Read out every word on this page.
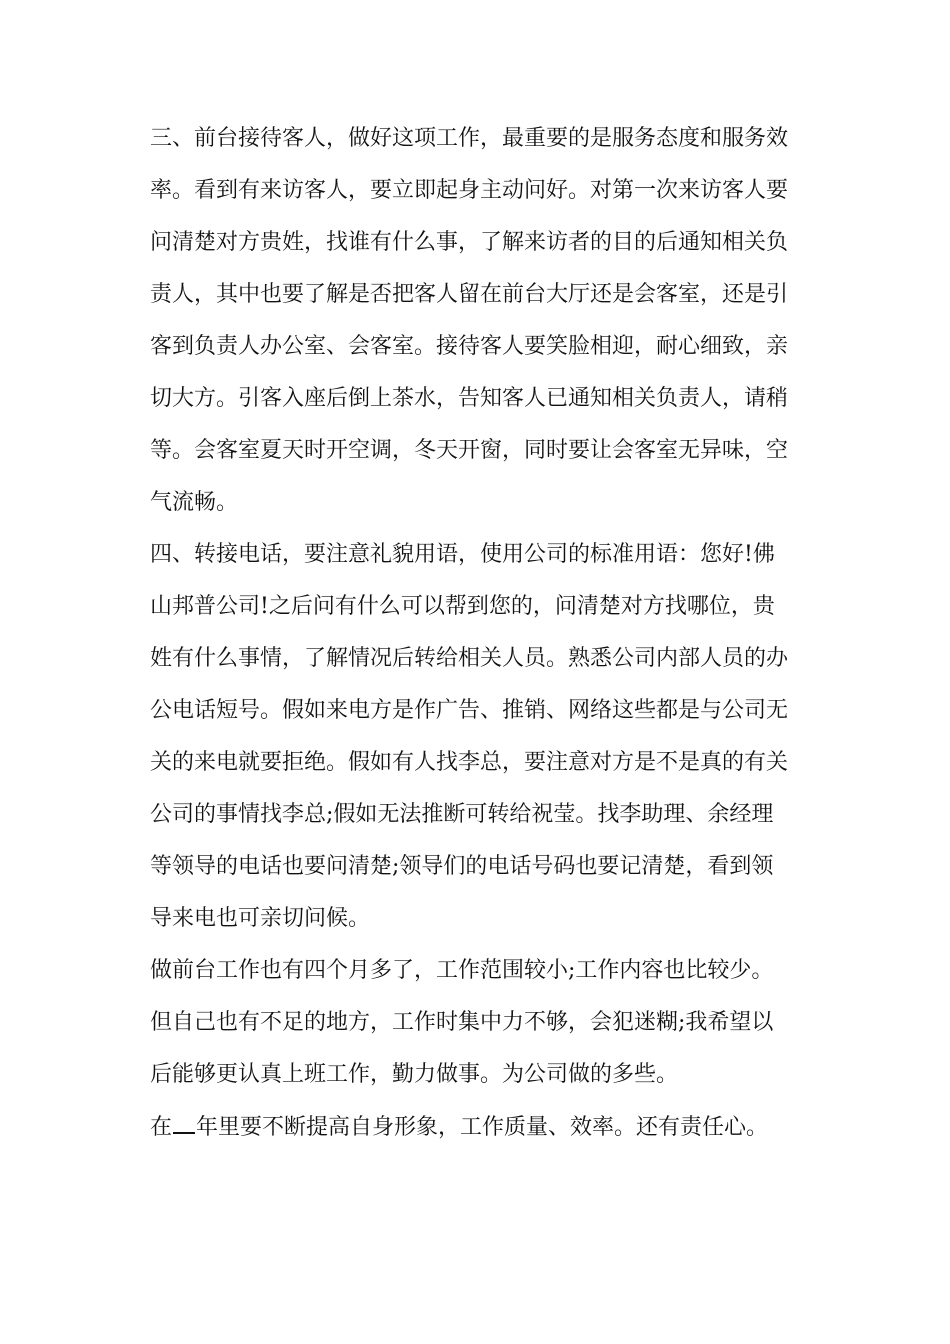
三、前台接待客人，做好这项工作，最重要的是服务态度和服务效

率。看到有来访客人，要立即起身主动问好。对第一次来访客人要

问清楚对方贵姓，找谁有什么事，了解来访者的目的后通知相关负

责人，其中也要了解是否把客人留在前台大厅还是会客室，还是引

客到负责人办公室、会客室。接待客人要笑脸相迎，耐心细致，亲

切大方。引客入座后倒上茶水，告知客人已通知相关负责人，请稍

等。会客室夏天时开空调，冬天开窗，同时要让会客室无异味，空

气流畅。

四、转接电话，要注意礼貌用语，使用公司的标准用语：您好!佛

山邦普公司!之后问有什么可以帮到您的，问清楚对方找哪位，贵

姓有什么事情，了解情况后转给相关人员。熟悉公司内部人员的办

公电话短号。假如来电方是作广告、推销、网络这些都是与公司无

关的来电就要拒绝。假如有人找李总，要注意对方是不是真的有关

公司的事情找李总;假如无法推断可转给祝莹。找李助理、余经理

等领导的电话也要问清楚;领导们的电话号码也要记清楚，看到领

导来电也可亲切问候。

做前台工作也有四个月多了，工作范围较小;工作内容也比较少。

但自己也有不足的地方，工作时集中力不够，会犯迷糊;我希望以

后能够更认真上班工作，勤力做事。为公司做的多些。

在 年里要不断提高自身形象，工作质量、效率。还有责任心。
